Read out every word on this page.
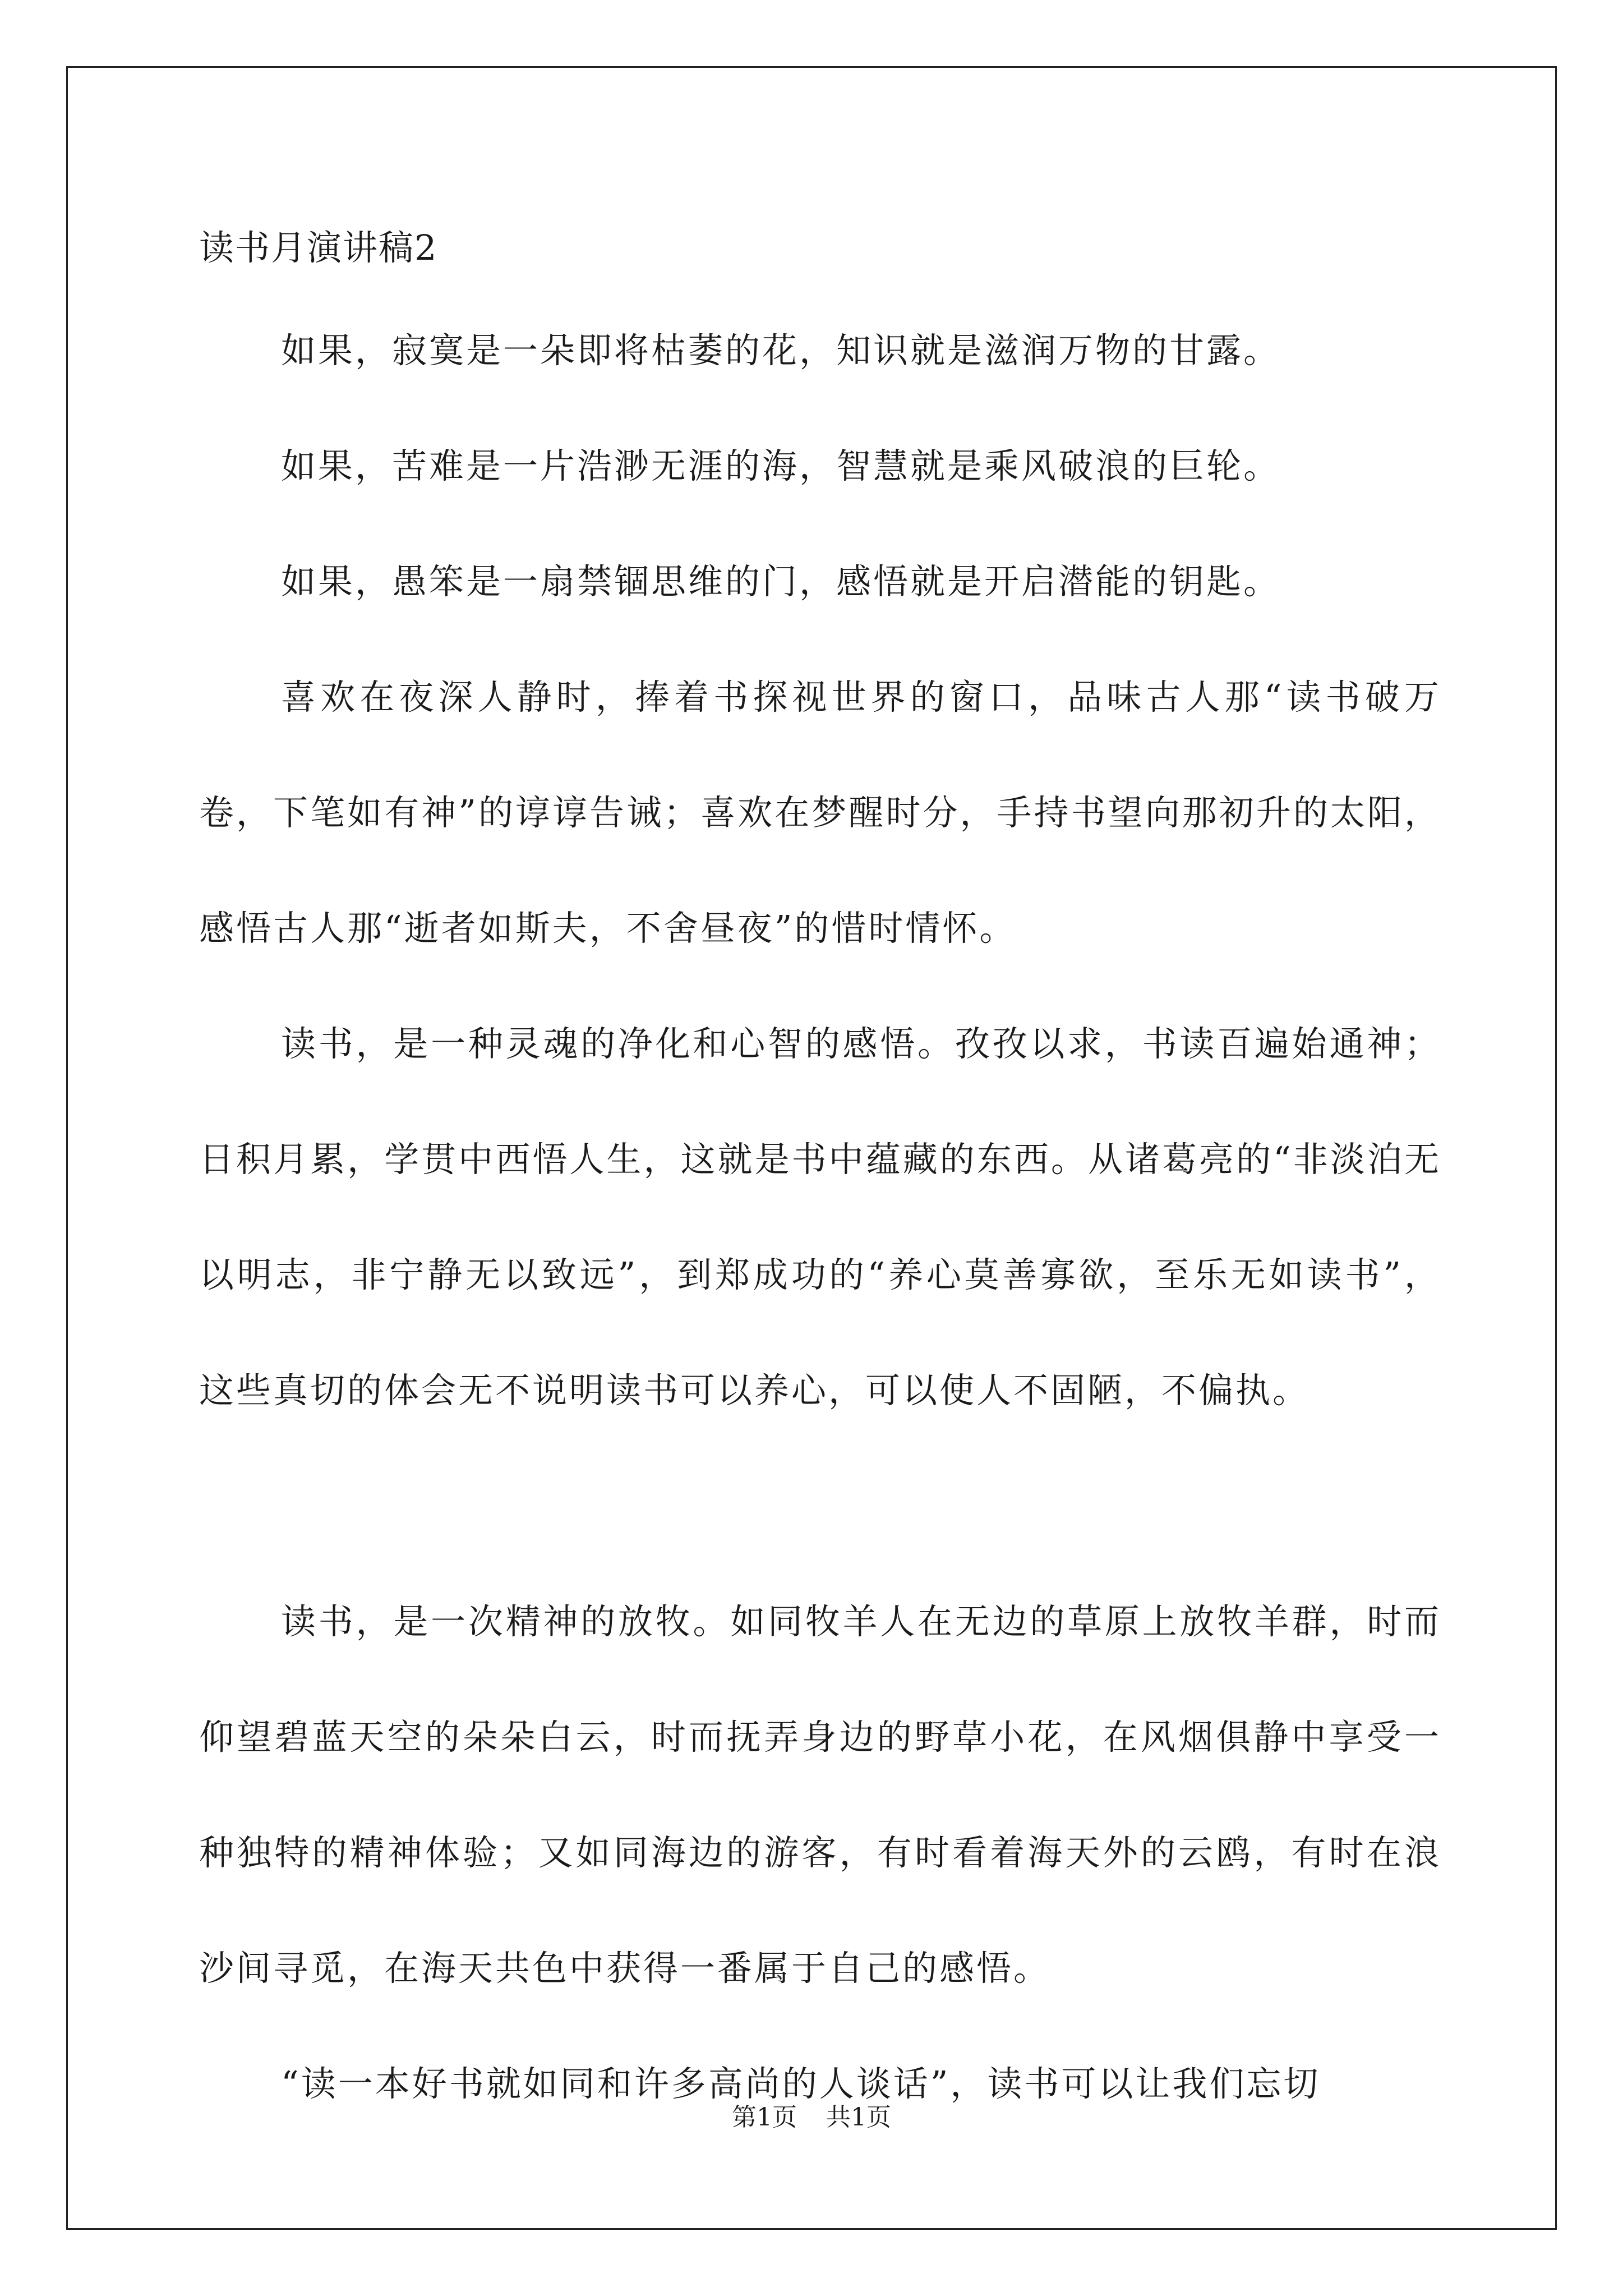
读书月演讲稿2

如果，寂寞是一朵即将枯萎的花，知识就是滋润万物的甘露。

如果，苦难是一片浩渺无涯的海，智慧就是乘风破浪的巨轮。

如果，愚笨是一扇禁锢思维的门，感悟就是开启潜能的钥匙。

喜欢在夜深人静时，捧着书探视世界的窗口，品味古人那“读书破万卷，下笔如有神”的谆谆告诫；喜欢在梦醒时分，手持书望向那初升的太阳，感悟古人那“逝者如斯夫，不舍昼夜”的惜时情怀。

读书，是一种灵魂的净化和心智的感悟。孜孜以求，书读百遍始通神；日积月累，学贯中西悟人生，这就是书中蕴藏的东西。从诸葛亮的“非淡泊无以明志，非宁静无以致远”，到郑成功的“养心莫善寡欲，至乐无如读书”，这些真切的体会无不说明读书可以养心，可以使人不固陋，不偏执。

读书，是一次精神的放牧。如同牧羊人在无边的草原上放牧羊群，时而仰望碧蓝天空的朵朵白云，时而抚弄身边的野草小花，在风烟俱静中享受一种独特的精神体验；又如同海边的游客，有时看着海天外的云鸥，有时在浪沙间寻觅，在海天共色中获得一番属于自己的感悟。

“读一本好书就如同和许多高尚的人谈话”，读书可以让我们忘切

第1页 共1页
